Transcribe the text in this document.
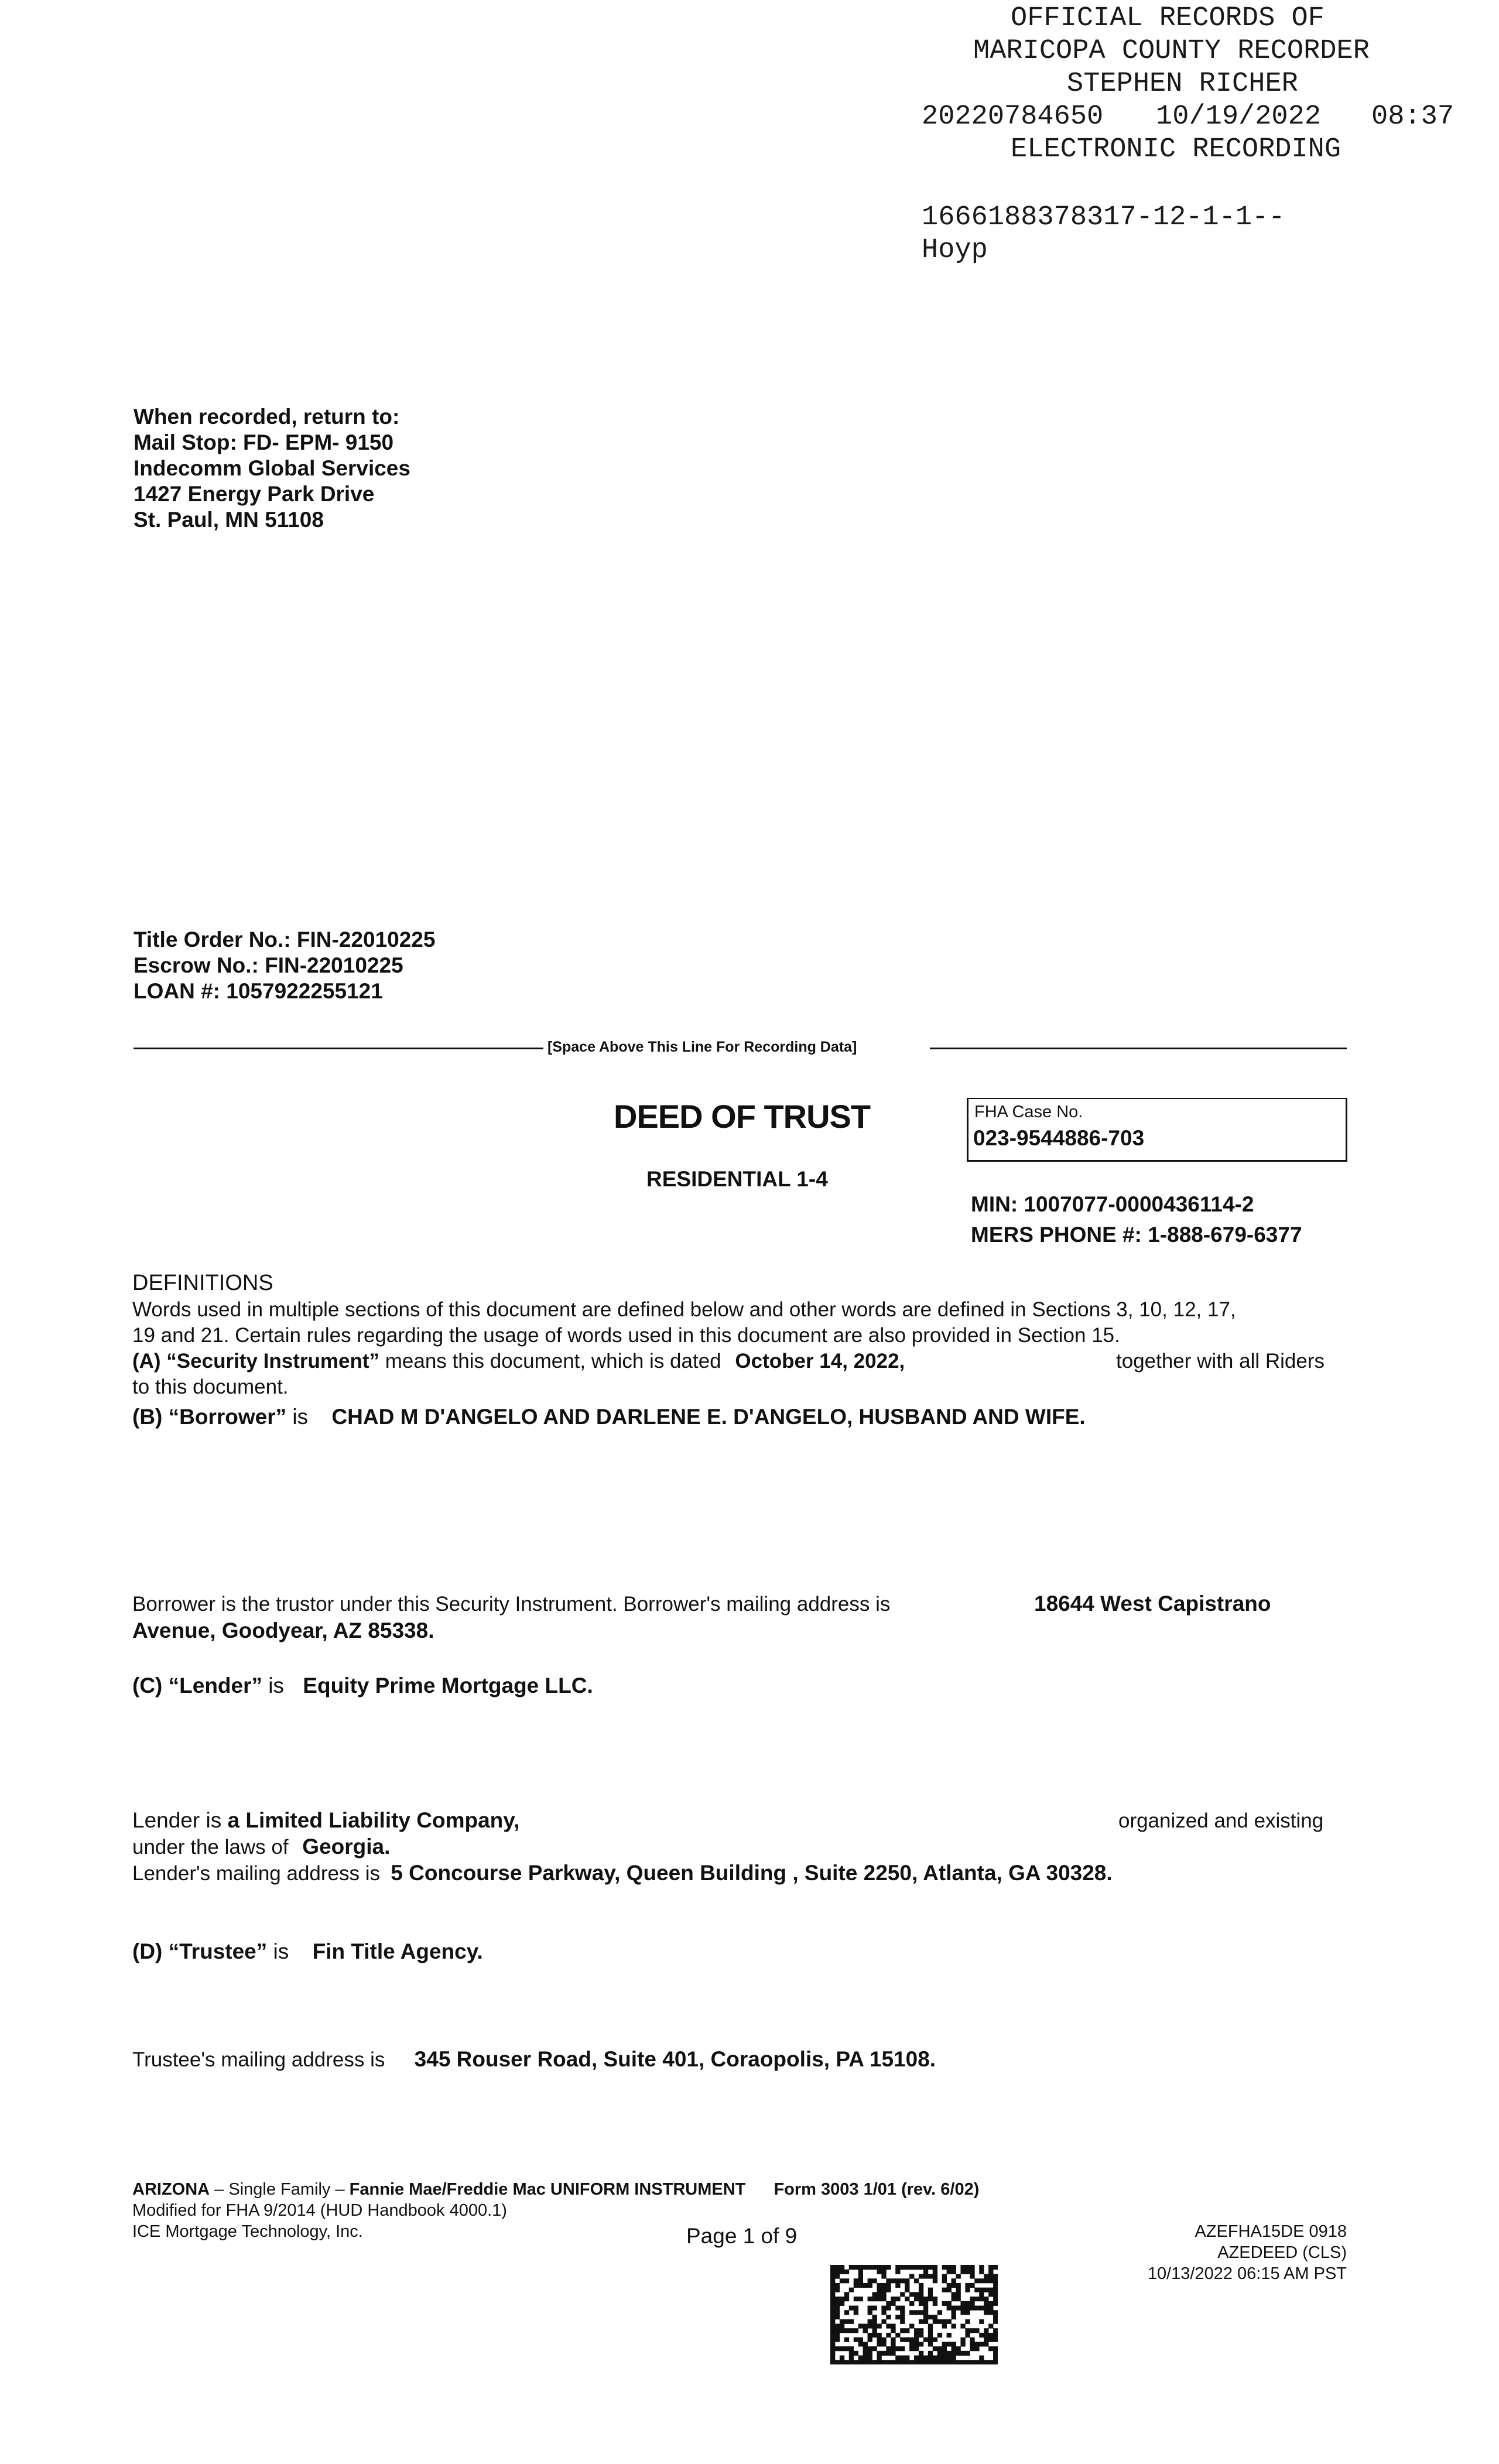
OFFICIAL RECORDS OF
MARICOPA COUNTY RECORDER
STEPHEN RICHER
20220784650 10/19/2022 08:37
ELECTRONIC RECORDING
1666188378317-12-1-1--
Hoyp
When recorded, return to:
Mail Stop: FD- EPM- 9150
Indecomm Global Services
1427 Energy Park Drive
St. Paul, MN 51108
Title Order No.: FIN-22010225
Escrow No.: FIN-22010225
LOAN #: 1057922255121
[Space Above This Line For Recording Data]
DEED OF TRUST
RESIDENTIAL 1-4
FHA Case No.
023-9544886-703
MIN: 1007077-0000436114-2
MERS PHONE #: 1-888-679-6377
DEFINITIONS
Words used in multiple sections of this document are defined below and other words are defined in Sections 3, 10, 12, 17,
19 and 21. Certain rules regarding the usage of words used in this document are also provided in Section 15.
(A) “Security Instrument” means this document, which is dated October 14, 2022,	together with all Riders
to this document.
(B) “Borrower” is CHAD M D'ANGELO AND DARLENE E. D'ANGELO, HUSBAND AND WIFE.
Borrower is the trustor under this Security Instrument. Borrower's mailing address is	18644 West Capistrano
Avenue, Goodyear, AZ 85338.
(C) “Lender” is Equity Prime Mortgage LLC.
Lender is a Limited Liability Company,	organized and existing
under the laws of Georgia.
Lender's mailing address is 5 Concourse Parkway, Queen Building , Suite 2250, Atlanta, GA 30328.
(D) “Trustee” is Fin Title Agency.
Trustee's mailing address is 345 Rouser Road, Suite 401, Coraopolis, PA 15108.
ARIZONA – Single Family – Fannie Mae/Freddie Mac UNIFORM INSTRUMENT Form 3003 1/01 (rev. 6/02)
Modified for FHA 9/2014 (HUD Handbook 4000.1)
ICE Mortgage Technology, Inc.	Page 1 of 9	AZEFHA15DE 0918
AZEDEED (CLS)
10/13/2022 06:15 AM PST
